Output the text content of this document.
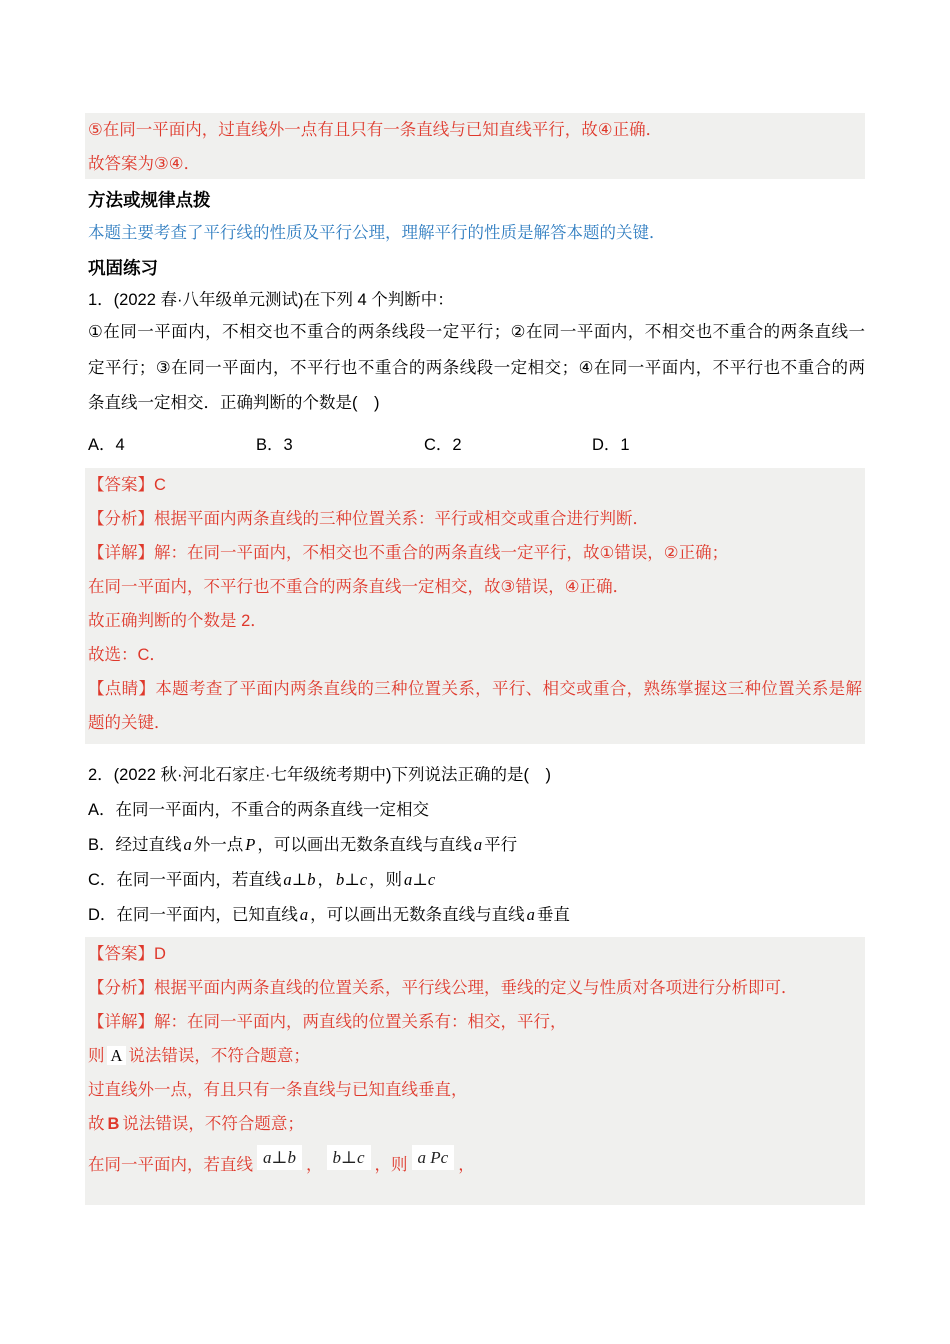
⑤在同一平面内，过直线外一点有且只有一条直线与已知直线平行，故④正确．
故答案为③④．
方法或规律点拨
本题主要考查了平行线的性质及平行公理，理解平行的性质是解答本题的关键．
巩固练习
1．(2022 春·八年级单元测试)在下列 4 个判断中：
①在同一平面内，不相交也不重合的两条线段一定平行；②在同一平面内，不相交也不重合的两条直线一
定平行；③在同一平面内，不平行也不重合的两条线段一定相交；④在同一平面内，不平行也不重合的两
条直线一定相交．正确判断的个数是(　)
A．4	B．3	C．2	D．1
【答案】C
【分析】根据平面内两条直线的三种位置关系：平行或相交或重合进行判断．
【详解】解：在同一平面内，不相交也不重合的两条直线一定平行，故①错误，②正确；
在同一平面内，不平行也不重合的两条直线一定相交，故③错误，④正确．
故正确判断的个数是 2．
故选：C．
【点睛】本题考查了平面内两条直线的三种位置关系，平行、相交或重合，熟练掌握这三种位置关系是解
题的关键．
2．(2022 秋·河北石家庄·七年级统考期中)下列说法正确的是(　)
A．在同一平面内，不重合的两条直线一定相交
B．经过直线 a 外一点 P ，可以画出无数条直线与直线 a 平行
C．在同一平面内，若直线 a⊥b ， b⊥c ，则 a⊥c
D．在同一平面内，已知直线 a ，可以画出无数条直线与直线 a 垂直
【答案】D
【分析】根据平面内两条直线的位置关系，平行线公理，垂线的定义与性质对各项进行分析即可．
【详解】解：在同一平面内，两直线的位置关系有：相交，平行，
则 A 说法错误，不符合题意；
过直线外一点，有且只有一条直线与已知直线垂直，
故 B 说法错误，不符合题意；
在同一平面内，若直线 a⊥b ， b⊥c ，则 a Pc ，
